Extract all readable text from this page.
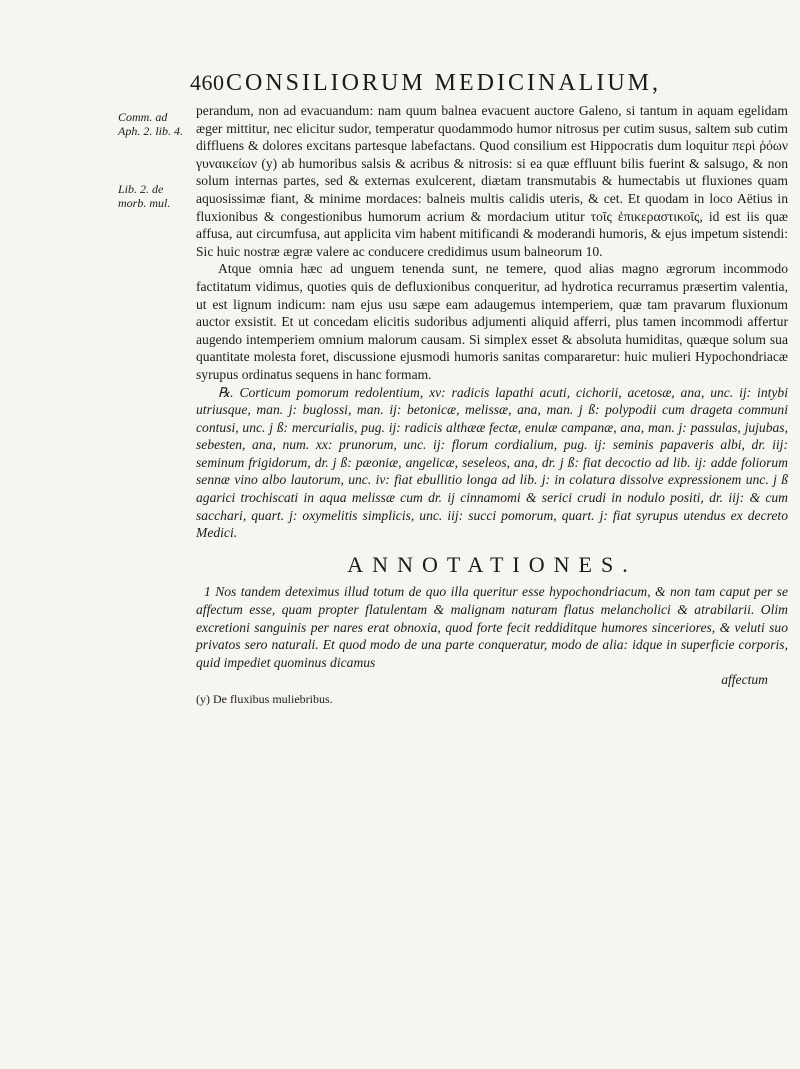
460 CONSILIORUM MEDICINALIUM,

Comm. ad Aph. 2. lib. 4.

Lib. 2. de morb. mul.

perandum, non ad evacuandum: nam quum balnea evacuent auctore Galeno, si tantum in aquam egelidam æger mittitur, nec elicitur sudor, temperatur quodammodo humor nitrosus per cutim susus, saltem sub cutim diffluens & dolores excitans partesque labefactans. Quod consilium est Hippocratis dum loquitur περὶ ῥόων γυναικείων (y) ab humoribus salsis & acribus & nitrosis: si ea quæ effluunt bilis fuerint & salsugo, & non solum internas partes, sed & externas exulcerent, diætam transmutabis & humectabis ut fluxiones quam aquosissimæ fiant, & minime mordaces: balneis multis calidis uteris, & cet. Et quodam in loco Aëtius in fluxionibus & congestionibus humorum acrium & mordacium utitur τοῖς ἐπικεραστικοῖς, id est iis quæ affusa, aut circumfusa, aut applicita vim habent mitificandi & moderandi humoris, & ejus impetum sistendi: Sic huic nostræ ægræ valere ac conducere credidimus usum balneorum 10.

Atque omnia hæc ad unguem tenenda sunt, ne temere, quod alias magno ægrorum incommodo factitatum vidimus, quoties quis de defluxionibus conqueritur, ad hydrotica recurramus præsertim valentia, ut est lignum indicum: nam ejus usu sæpe eam adaugemus intemperiem, quæ tam pravarum fluxionum auctor exsistit. Et ut concedam elicitis sudoribus adjumenti aliquid afferri, plus tamen incommodi affertur augendo intemperiem omnium malorum causam. Si simplex esset & absoluta humiditas, quæque solum sua quantitate molesta foret, discussione ejusmodi humoris sanitas compararetur: huic mulieri Hypochondriacæ syrupus ordinatus sequens in hanc formam.

℞. Corticum pomorum redolentium, xv: radicis lapathi acuti, cichorii, acetosæ, ana, unc. ij: intybi utriusque, man. j: buglossi, man. ij: betonicæ, melissæ, ana, man. j ß: polypodii cum drageta communi contusi, unc. j ß: mercurialis, pug. ij: radicis althææ fectæ, enulæ campanæ, ana, man. j: passulas, jujubas, sebesten, ana, num. xx: prunorum, unc. ij: florum cordialium, pug. ij: seminis papaveris albi, dr. iij: seminum frigidorum, dr. j ß: pæoniæ, angelicæ, seseleos, ana, dr. j ß: fiat decoctio ad lib. ij: adde foliorum sennæ vino albo lautorum, unc. iv: fiat ebullitio longa ad lib. j: in colatura dissolve expressionem unc. j ß agarici trochiscati in aqua melissæ cum dr. ij cinnamomi & serici crudi in nodulo positi, dr. iij: & cum sacchari, quart. j: oxymelitis simplicis, unc. iij: succi pomorum, quart. j: fiat syrupus utendus ex decreto Medici.

ANNOTATIONES.

1 Nos tandem deteximus illud totum de quo illa queritur esse hypochondriacum, & non tam caput per se affectum esse, quam propter flatulentam & malignam naturam flatus melancholici & atrabilarii. Olim excretioni sanguinis per nares erat obnoxia, quod forte fecit reddiditque humores sinceriores, & veluti suo privatos sero naturali. Et quod modo de una parte conqueratur, modo de alia: idque in superficie corporis, quid impediet quominus dicamus

affectum

(y) De fluxibus muliebribus.
